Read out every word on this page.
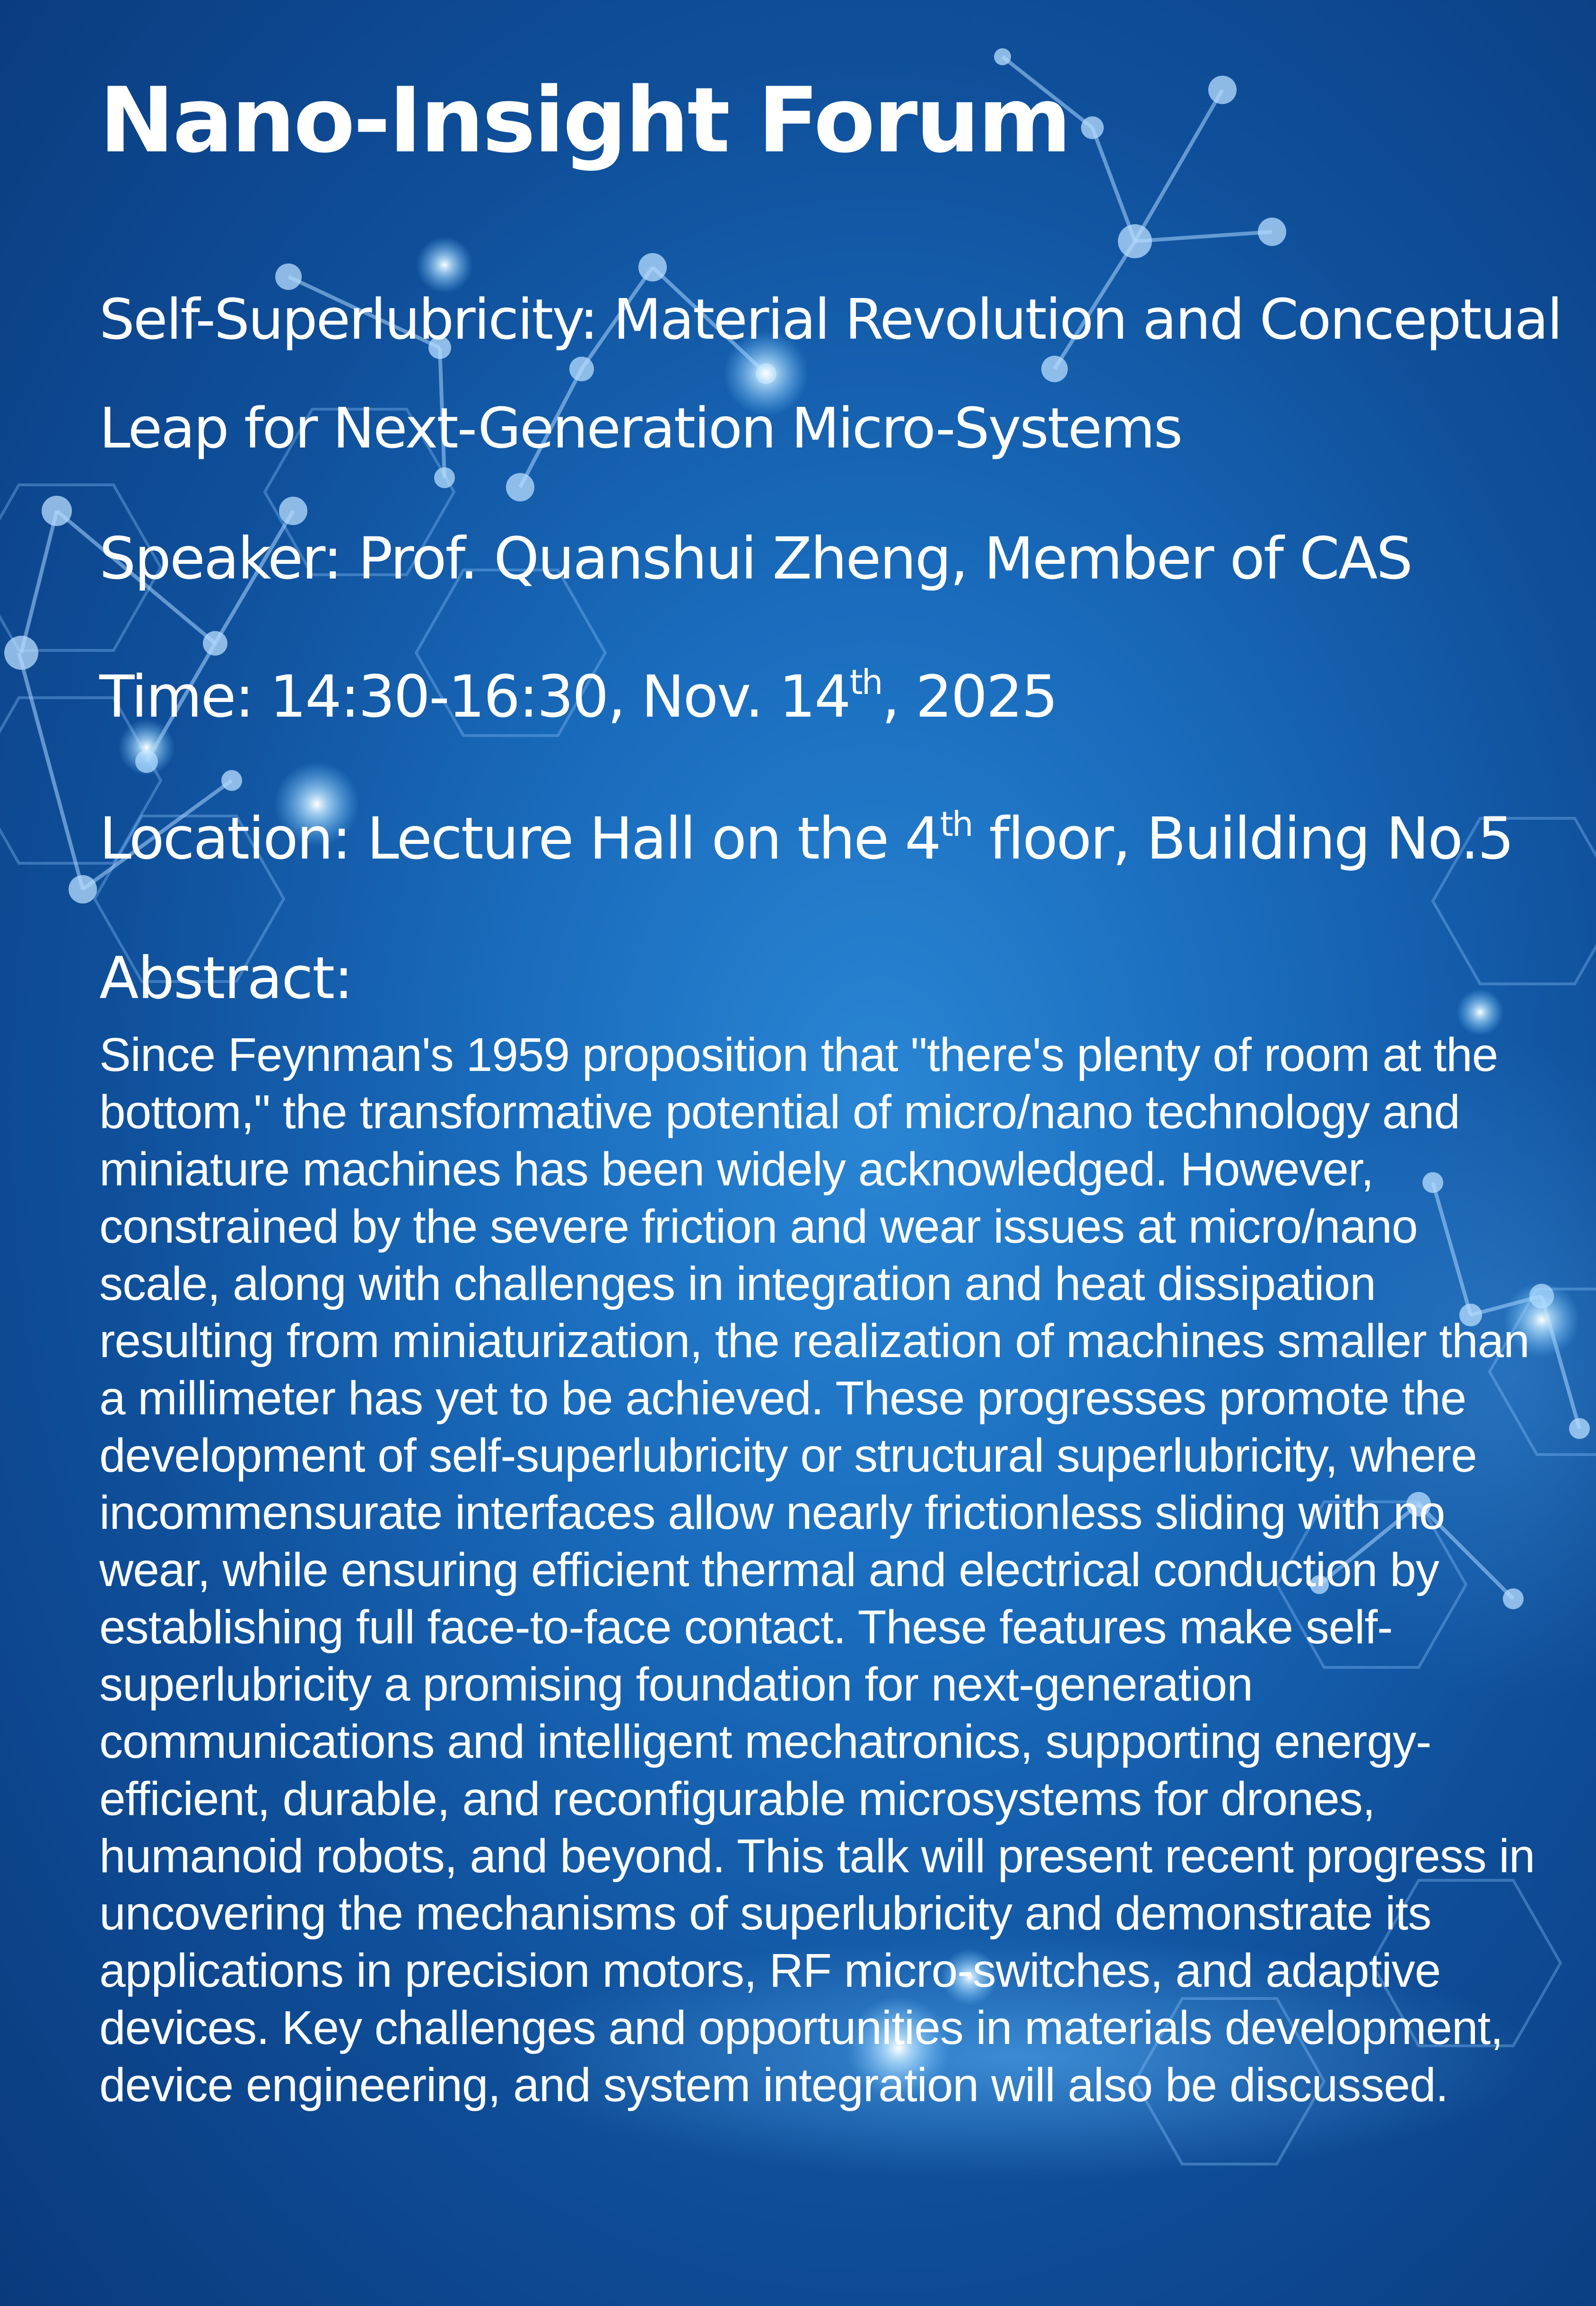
Nano-Insight Forum
Self-Superlubricity: Material Revolution and Conceptual Leap for Next-Generation Micro-Systems
Speaker: Prof. Quanshui Zheng, Member of CAS
Time: 14:30-16:30, Nov. 14th, 2025
Location: Lecture Hall on the 4th floor, Building No.5
Abstract:

Since Feynman's 1959 proposition that "there's plenty of room at the bottom," the transformative potential of micro/nano technology and miniature machines has been widely acknowledged. However, constrained by the severe friction and wear issues at micro/nano scale, along with challenges in integration and heat dissipation resulting from miniaturization, the realization of machines smaller than a millimeter has yet to be achieved. These progresses promote the development of self-superlubricity or structural superlubricity, where incommensurate interfaces allow nearly frictionless sliding with no wear, while ensuring efficient thermal and electrical conduction by establishing full face-to-face contact. These features make self-superlubricity a promising foundation for next-generation communications and intelligent mechatronics, supporting energy-efficient, durable, and reconfigurable microsystems for drones, humanoid robots, and beyond. This talk will present recent progress in uncovering the mechanisms of superlubricity and demonstrate its applications in precision motors, RF micro-switches, and adaptive devices. Key challenges and opportunities in materials development, device engineering, and system integration will also be discussed.
